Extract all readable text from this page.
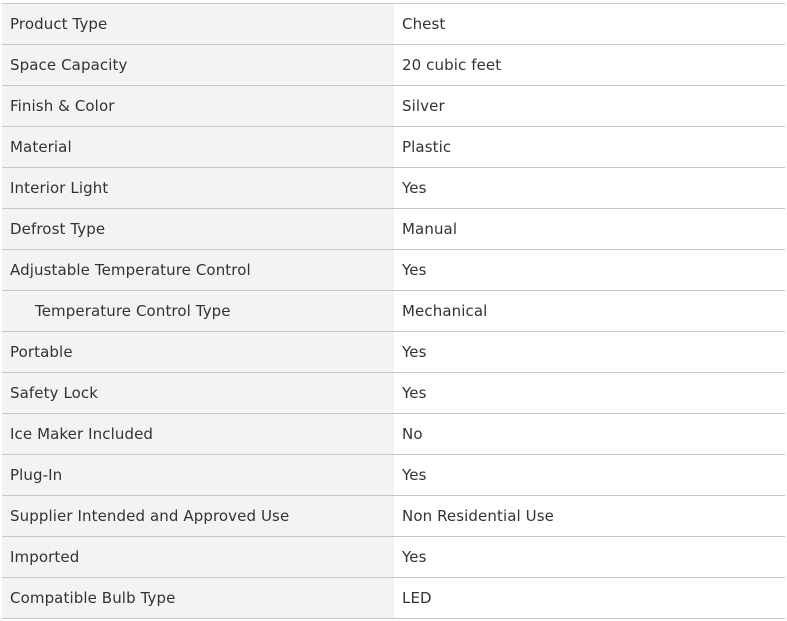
Product Type	Chest
Space Capacity	20 cubic feet
Finish & Color	Silver
Material	Plastic
Interior Light	Yes
Defrost Type	Manual
Adjustable Temperature Control	Yes
Temperature Control Type	Mechanical
Portable	Yes
Safety Lock	Yes
Ice Maker Included	No
Plug-In	Yes
Supplier Intended and Approved Use	Non Residential Use
Imported	Yes
Compatible Bulb Type	LED
